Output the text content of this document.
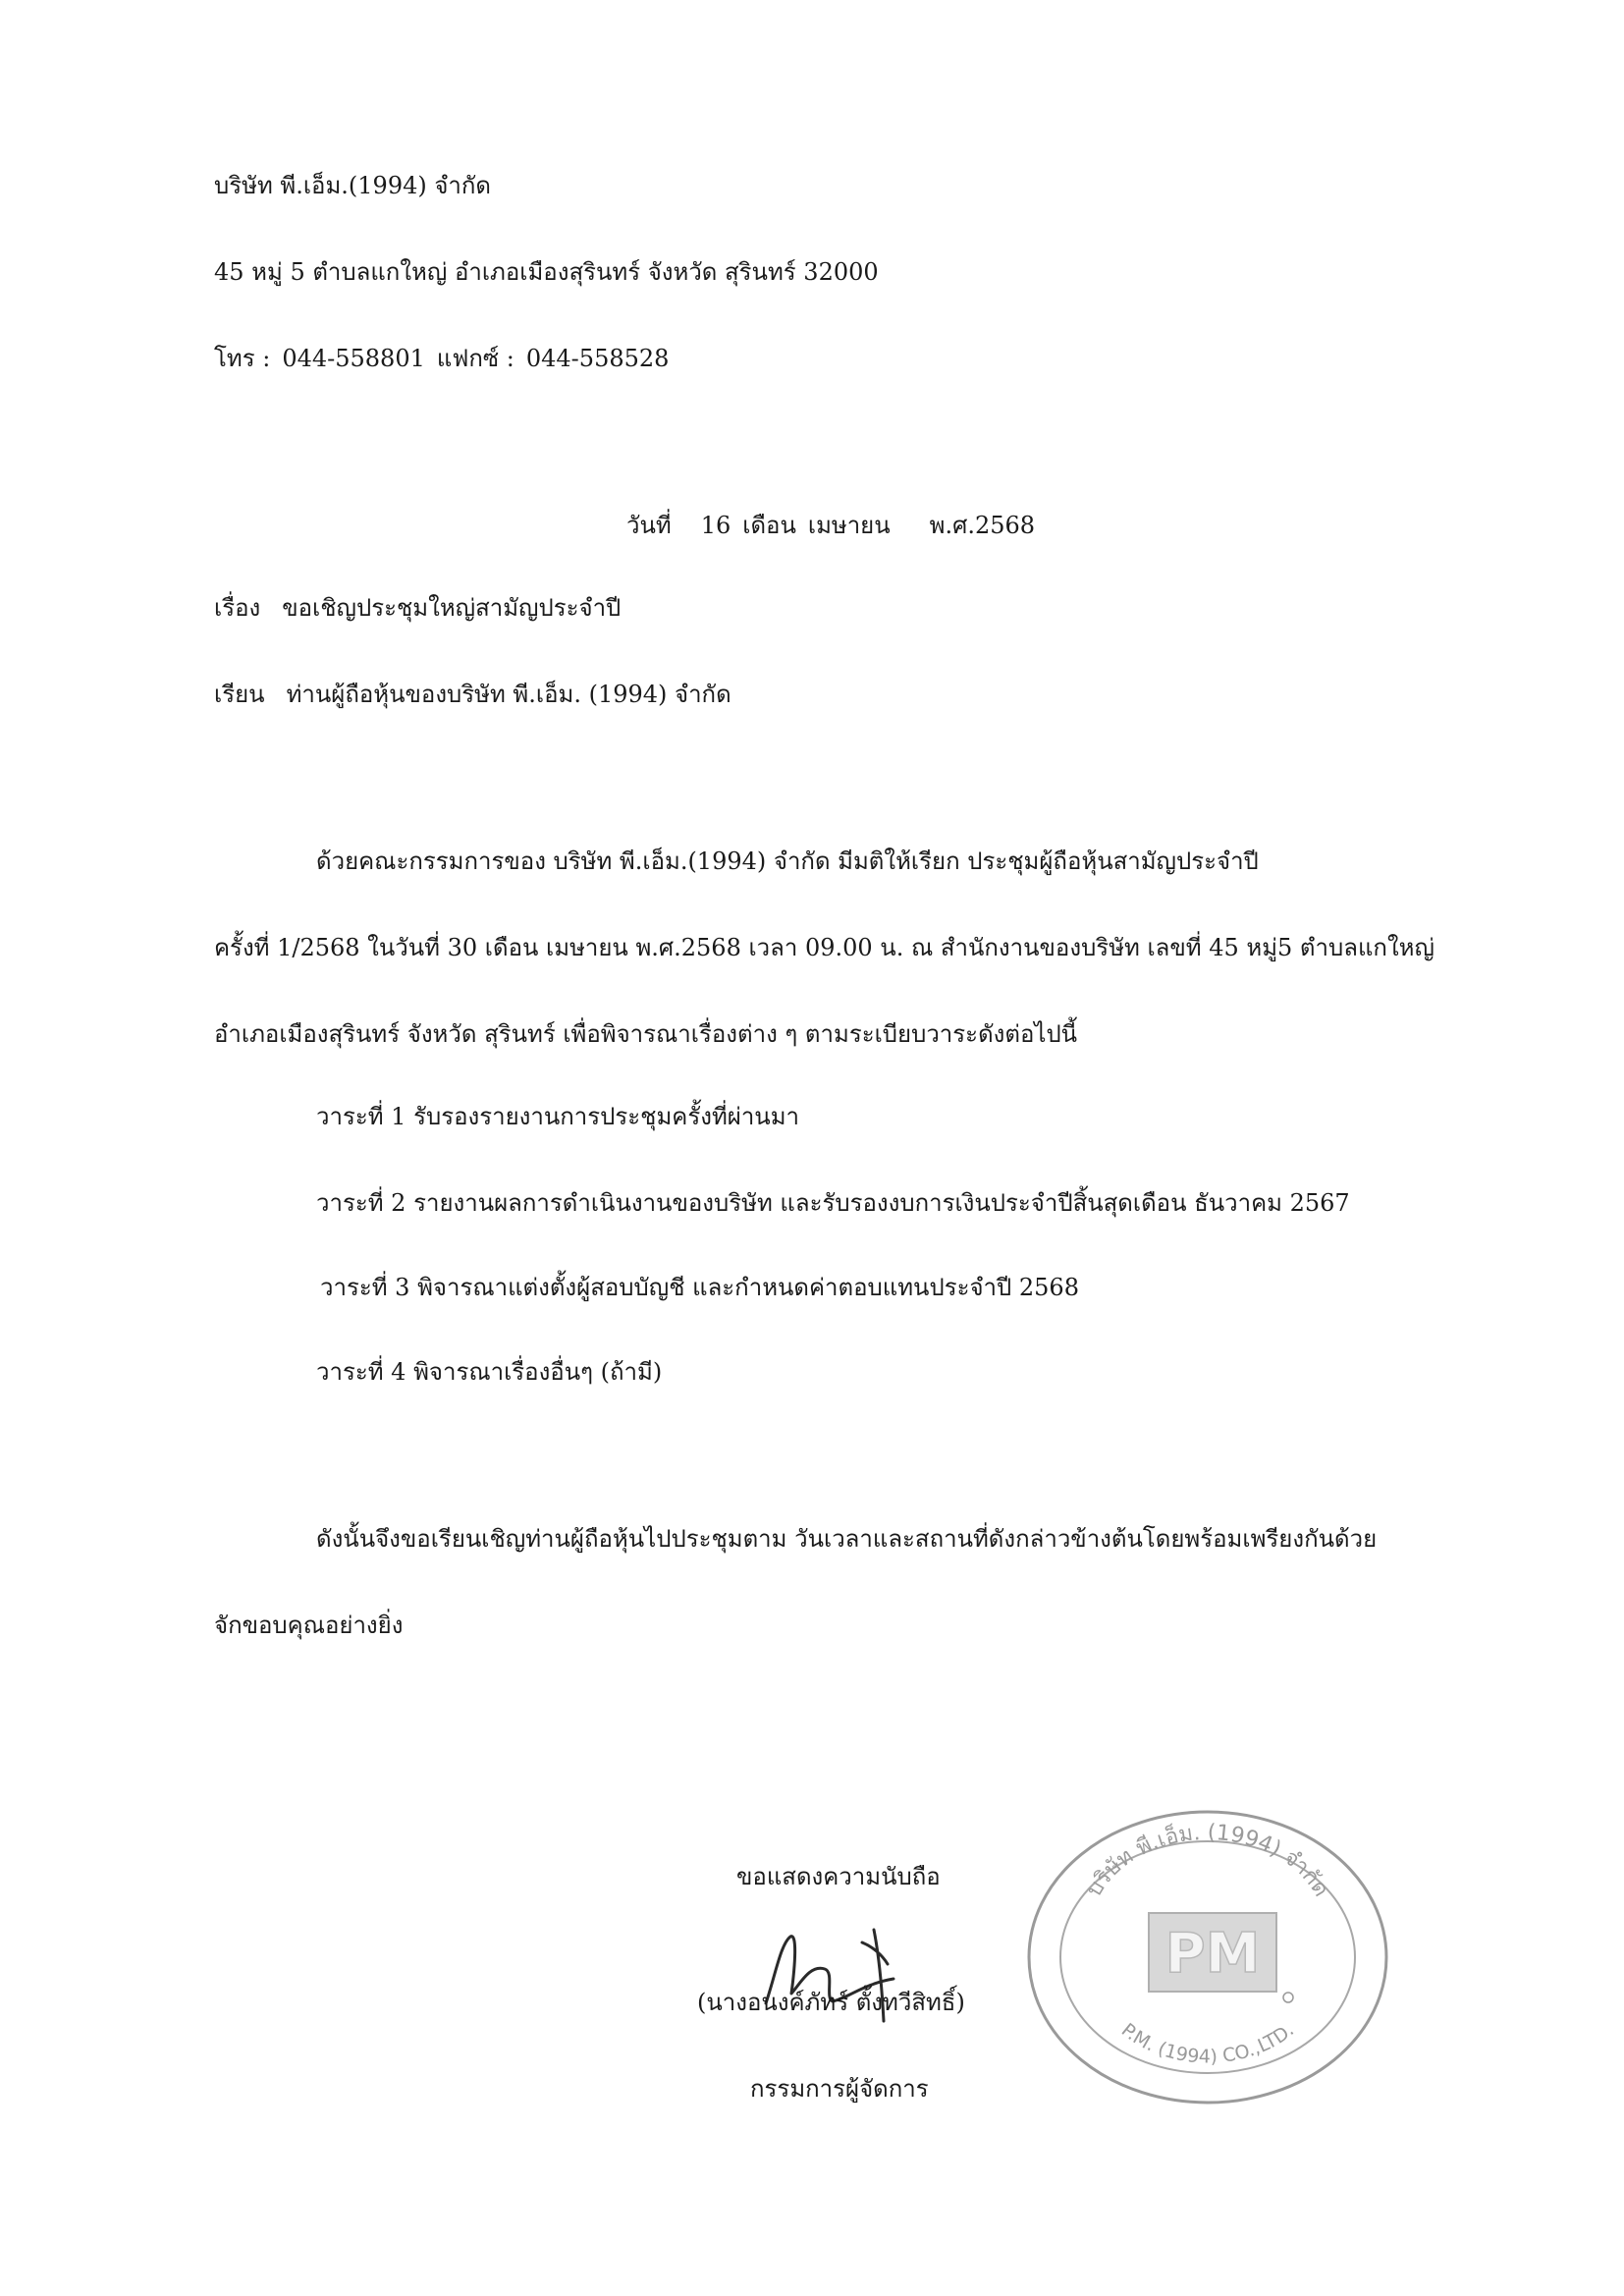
บริษัท พี.เอ็ม.(1994) จำกัด
45 หมู่ 5 ตำบลแกใหญ่ อำเภอเมืองสุรินทร์ จังหวัด สุรินทร์ 32000
โทร : 044-558801 แฟกซ์ : 044-558528
วันที่ 16 เดือน เมษายน พ.ศ.2568
เรื่อง ขอเชิญประชุมใหญ่สามัญประจำปี
เรียน ท่านผู้ถือหุ้นของบริษัท พี.เอ็ม. (1994) จำกัด
ด้วยคณะกรรมการของ บริษัท พี.เอ็ม.(1994) จำกัด มีมติให้เรียก ประชุมผู้ถือหุ้นสามัญประจำปี
ครั้งที่ 1/2568 ในวันที่ 30 เดือน เมษายน พ.ศ.2568 เวลา 09.00 น. ณ สำนักงานของบริษัท เลขที่ 45 หมู่5 ตำบลแกใหญ่
อำเภอเมืองสุรินทร์ จังหวัด สุรินทร์ เพื่อพิจารณาเรื่องต่าง ๆ ตามระเบียบวาระดังต่อไปนี้
วาระที่ 1 รับรองรายงานการประชุมครั้งที่ผ่านมา
วาระที่ 2 รายงานผลการดำเนินงานของบริษัท และรับรองงบการเงินประจำปีสิ้นสุดเดือน ธันวาคม 2567
วาระที่ 3 พิจารณาแต่งตั้งผู้สอบบัญชี และกำหนดค่าตอบแทนประจำปี 2568
วาระที่ 4 พิจารณาเรื่องอื่นๆ (ถ้ามี)
ดังนั้นจึงขอเรียนเชิญท่านผู้ถือหุ้นไปประชุมตาม วันเวลาและสถานที่ดังกล่าวข้างต้นโดยพร้อมเพรียงกันด้วย
จักขอบคุณอย่างยิ่ง
ขอแสดงความนับถือ
(นางอนงค์ภัทร์ ตั้งทวีสิทธิ์)
กรรมการผู้จัดการ
บริษัท พี.เอ็ม. (1994) จำกัด
PM
P.M. (1994) CO.,LTD.
